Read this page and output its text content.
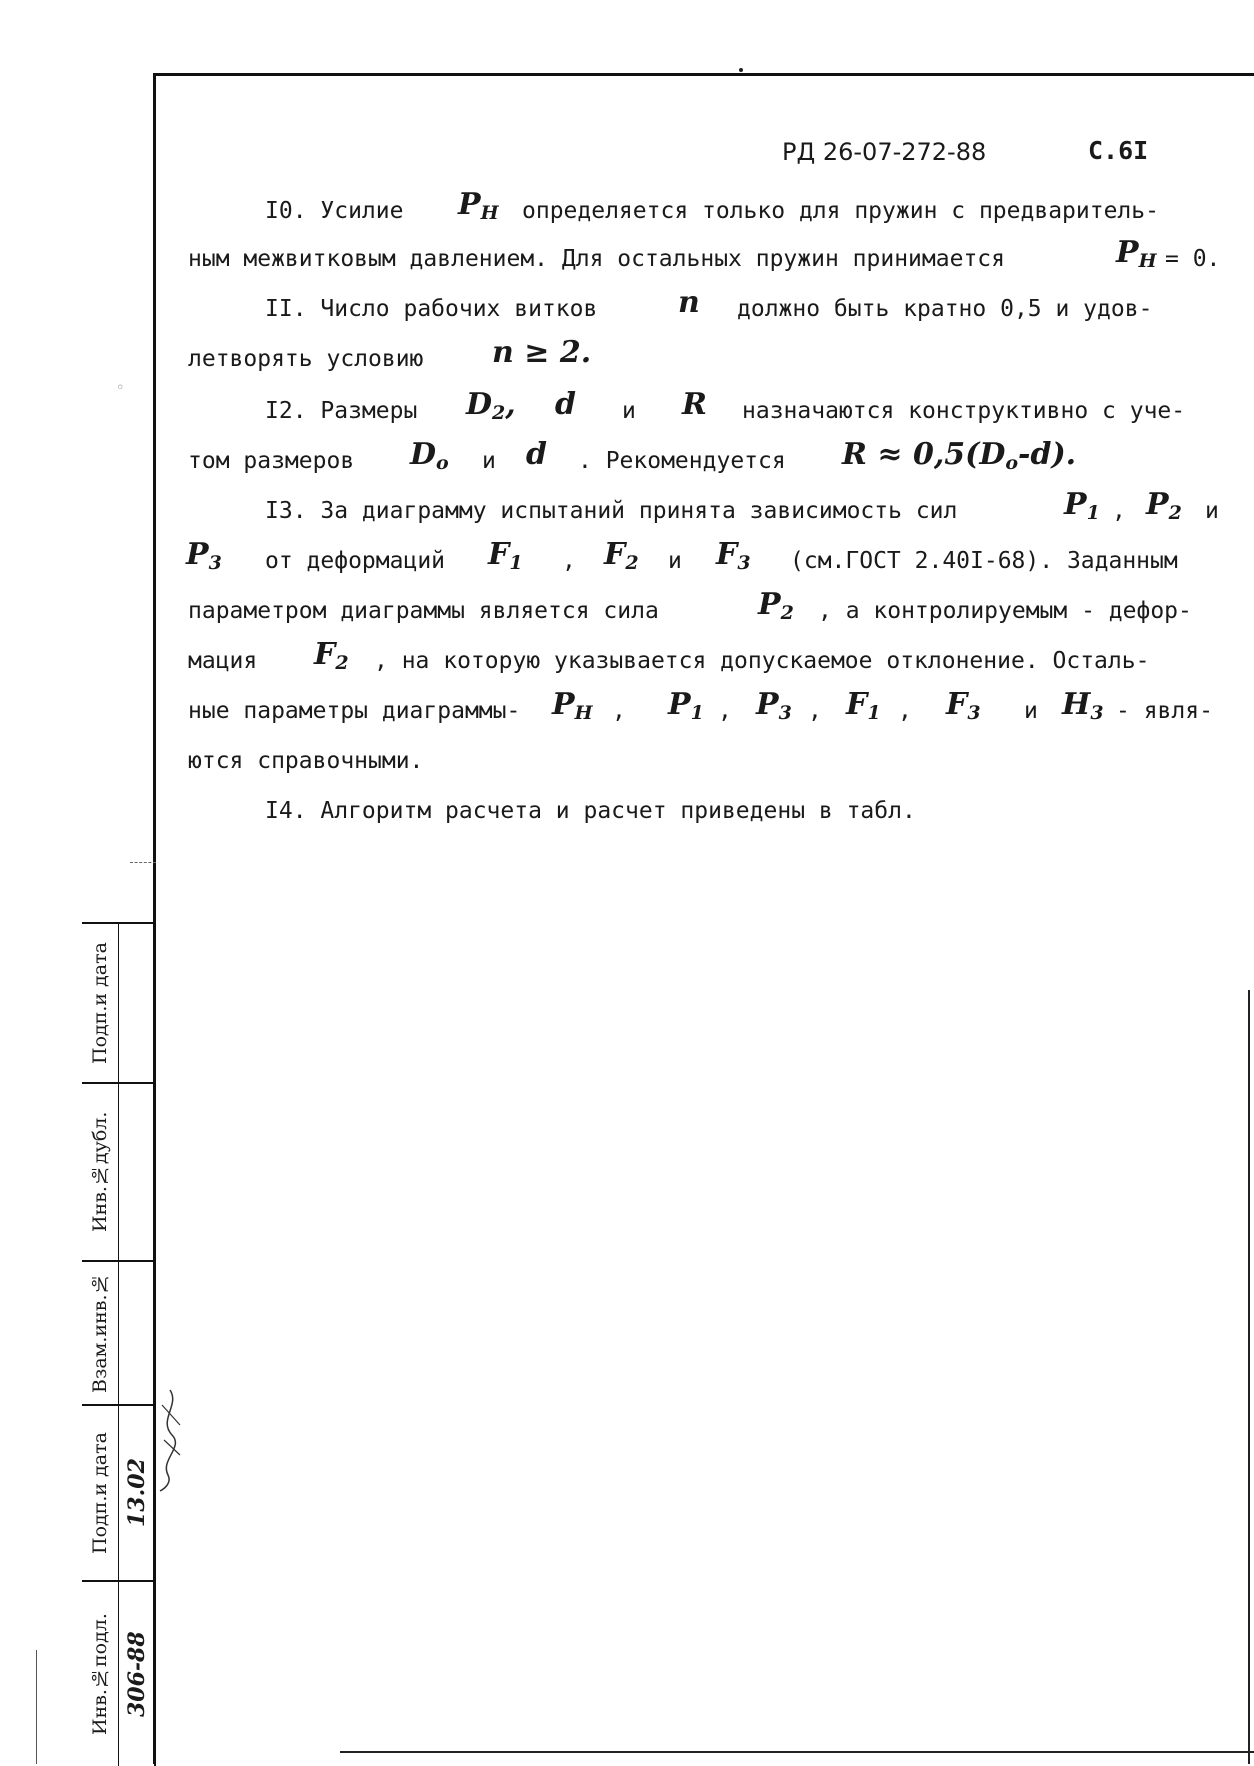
◦
РД 26-07-272-88	С.6I
I0. Усилие $P_H$ определяется только для пружин с предваритель-
ным межвитковым давлением. Для остальных пружин принимается	$P_H = 0$.
II. Число рабочих витков	n должно быть кратно 0,5 и удов-
летворять условию n ≥ 2.
I2. Размеры $D_2$, d и R назначаются конструктивно с уче-
том размеров $D_o$ и d . Рекомендуется $R \approx 0,5(D_o-d)$.
I3. За диаграмму испытаний принята зависимость сил	$P_1$ , $P_2$ и
$P_3$ от деформаций $F_1$ , $F_2$ и $F_3$ (см.ГОСТ 2.40I-68). Заданным
параметром диаграммы является сила	$P_2$ , а контролируемым - дефор-
мация $F_2$ , на которую указывается допускаемое отклонение. Осталь-
ные параметры диаграммы- $P_H$ , $P_1$ , $P_3$ , $F_1$ , $F_3$ и $H_3$ - явля-
ются справочными.
I4. Алгоритм расчета и расчет приведены в табл.
Подп.и дата
Инв.№дубл.
Взам.инв.№
Подп.и дата
Инв.№подл.
13.02
306-88
